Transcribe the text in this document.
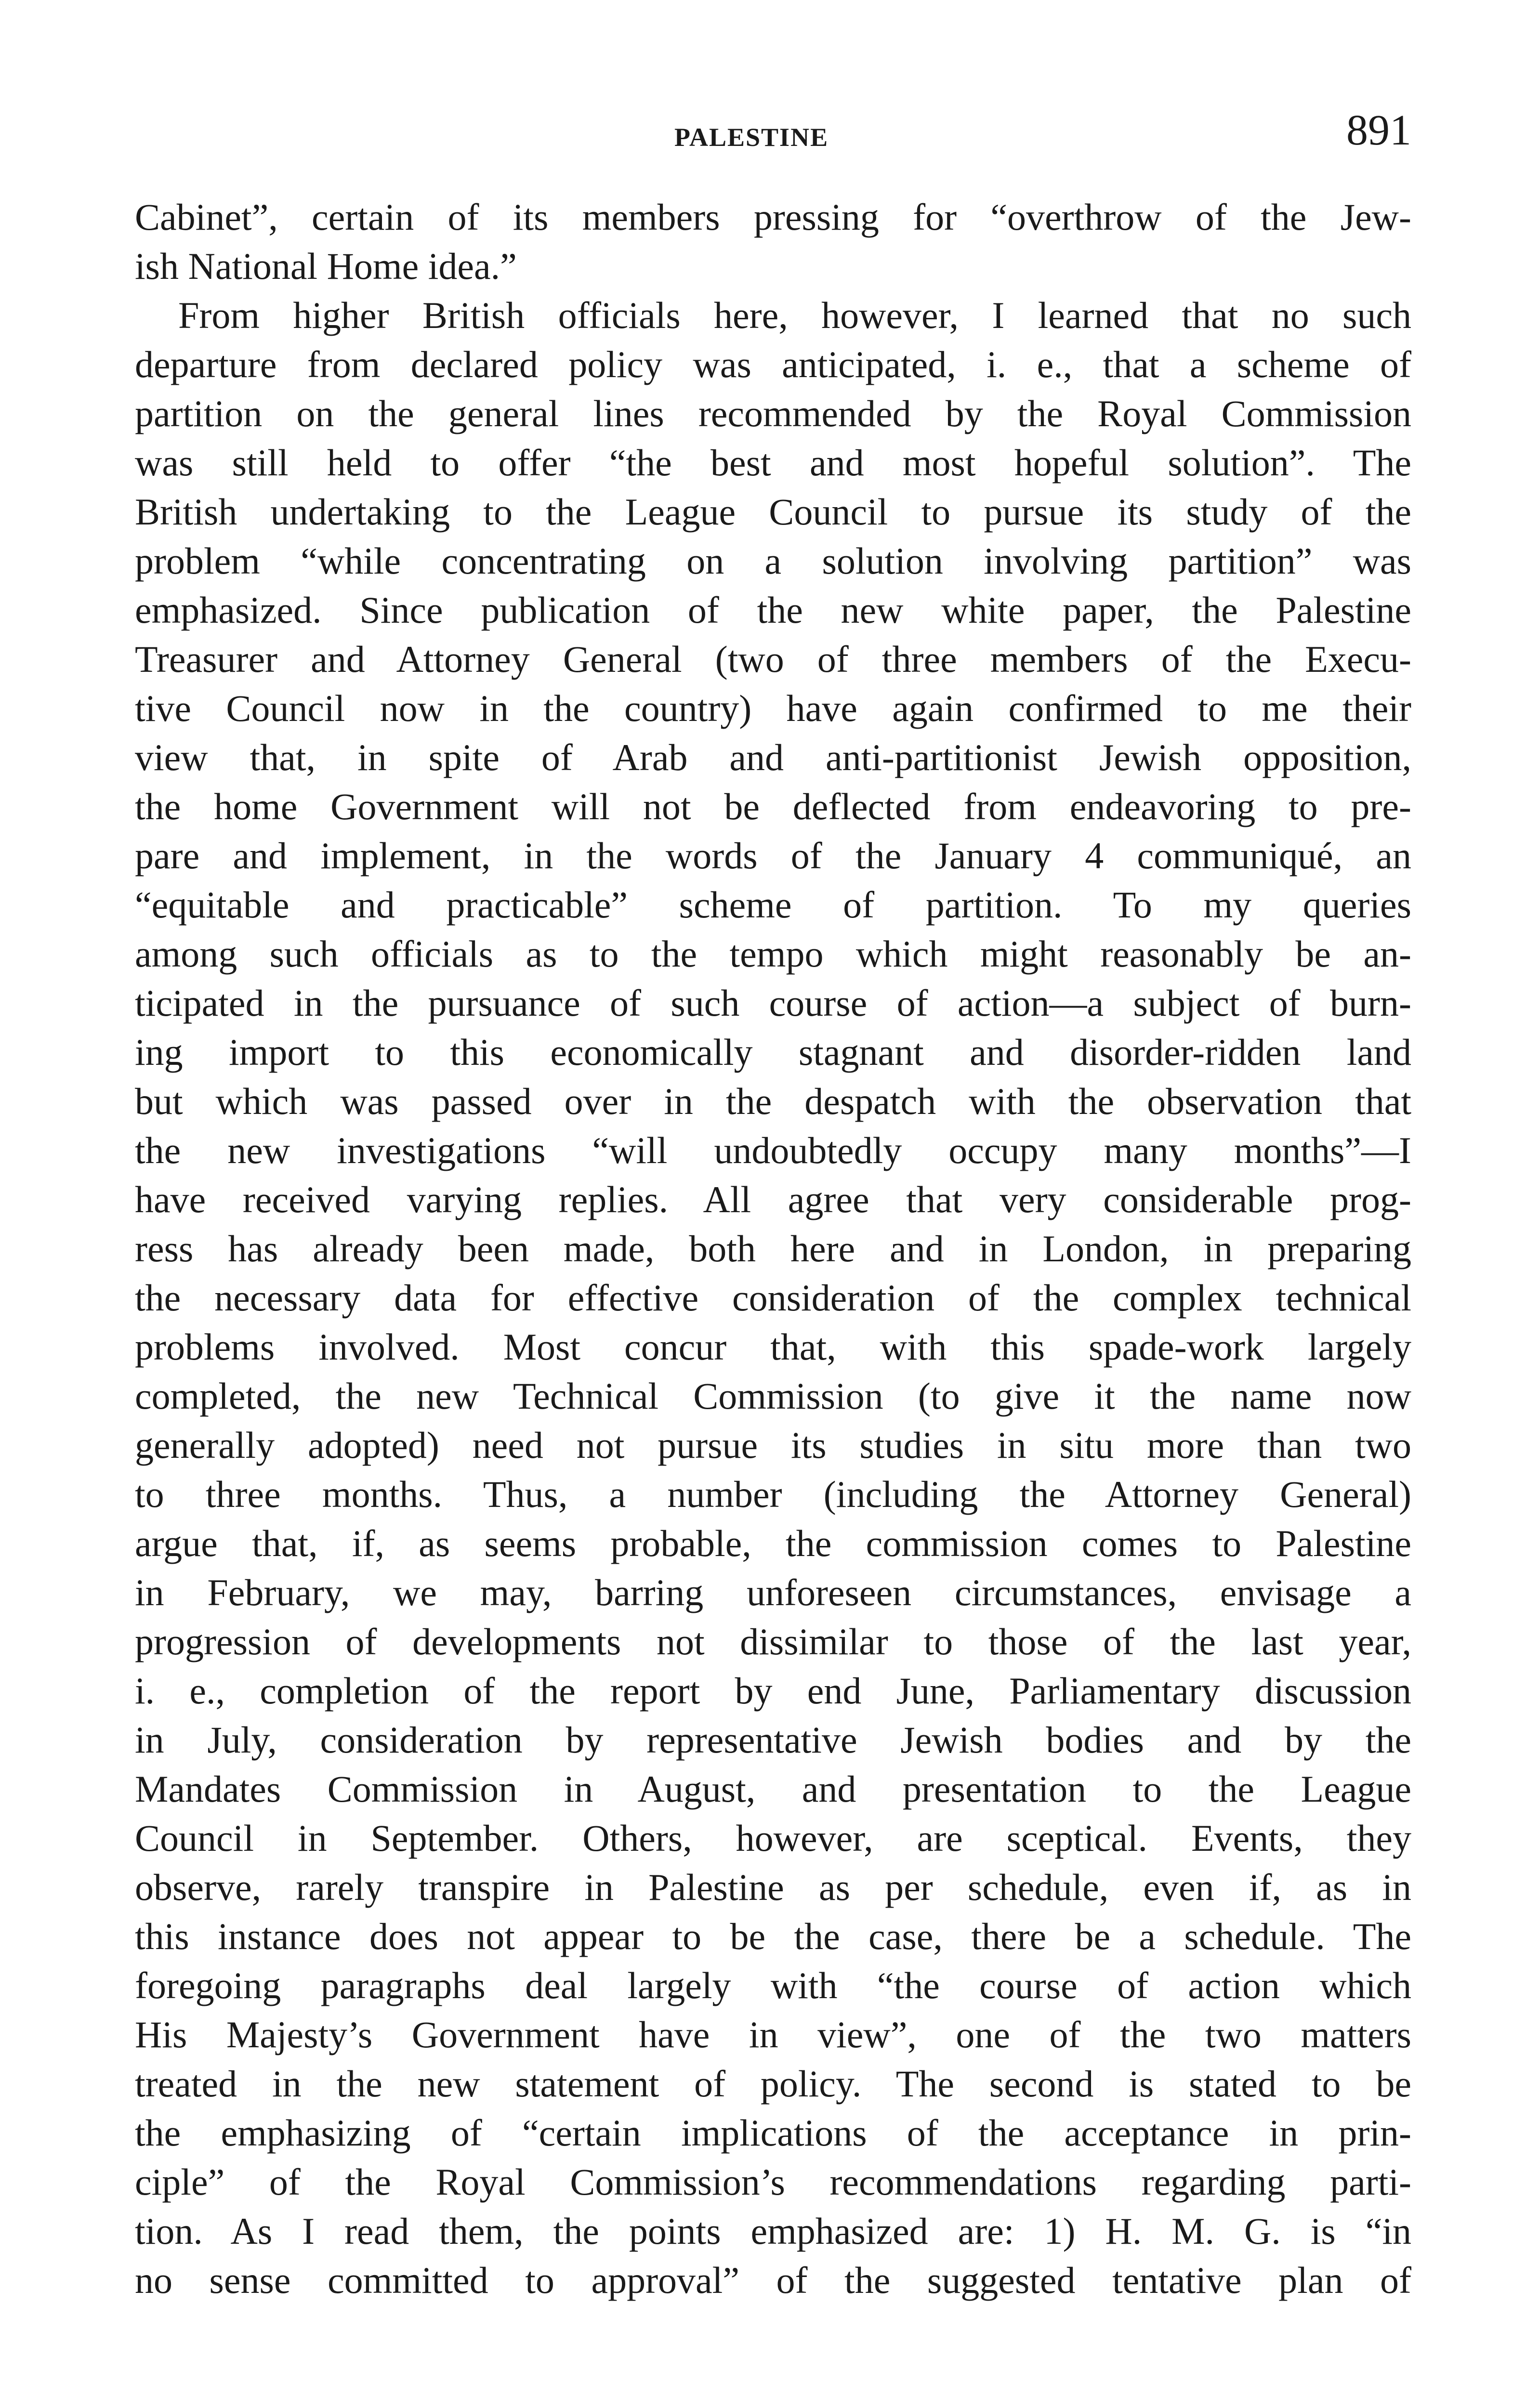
PALESTINE	891
Cabinet”, certain of its members pressing for “overthrow of the Jew-
ish National Home idea.”
From higher British officials here, however, I learned that no such
departure from declared policy was anticipated, i. e., that a scheme of
partition on the general lines recommended by the Royal Commission
was still held to offer “the best and most hopeful solution”. The
British undertaking to the League Council to pursue its study of the
problem “while concentrating on a solution involving partition” was
emphasized. Since publication of the new white paper, the Palestine
Treasurer and Attorney General (two of three members of the Execu-
tive Council now in the country) have again confirmed to me their
view that, in spite of Arab and anti-partitionist Jewish opposition,
the home Government will not be deflected from endeavoring to pre-
pare and implement, in the words of the January 4 communiqué, an
“equitable and practicable” scheme of partition. To my queries
among such officials as to the tempo which might reasonably be an-
ticipated in the pursuance of such course of action—a subject of burn-
ing import to this economically stagnant and disorder-ridden land
but which was passed over in the despatch with the observation that
the new investigations “will undoubtedly occupy many months”—I
have received varying replies. All agree that very considerable prog-
ress has already been made, both here and in London, in preparing
the necessary data for effective consideration of the complex technical
problems involved. Most concur that, with this spade-work largely
completed, the new Technical Commission (to give it the name now
generally adopted) need not pursue its studies in situ more than two
to three months. Thus, a number (including the Attorney General)
argue that, if, as seems probable, the commission comes to Palestine
in February, we may, barring unforeseen circumstances, envisage a
progression of developments not dissimilar to those of the last year,
i. e., completion of the report by end June, Parliamentary discussion
in July, consideration by representative Jewish bodies and by the
Mandates Commission in August, and presentation to the League
Council in September. Others, however, are sceptical. Events, they
observe, rarely transpire in Palestine as per schedule, even if, as in
this instance does not appear to be the case, there be a schedule. The
foregoing paragraphs deal largely with “the course of action which
His Majesty’s Government have in view”, one of the two matters
treated in the new statement of policy. The second is stated to be
the emphasizing of “certain implications of the acceptance in prin-
ciple” of the Royal Commission’s recommendations regarding parti-
tion. As I read them, the points emphasized are: 1) H. M. G. is “in
no sense committed to approval” of the suggested tentative plan of
